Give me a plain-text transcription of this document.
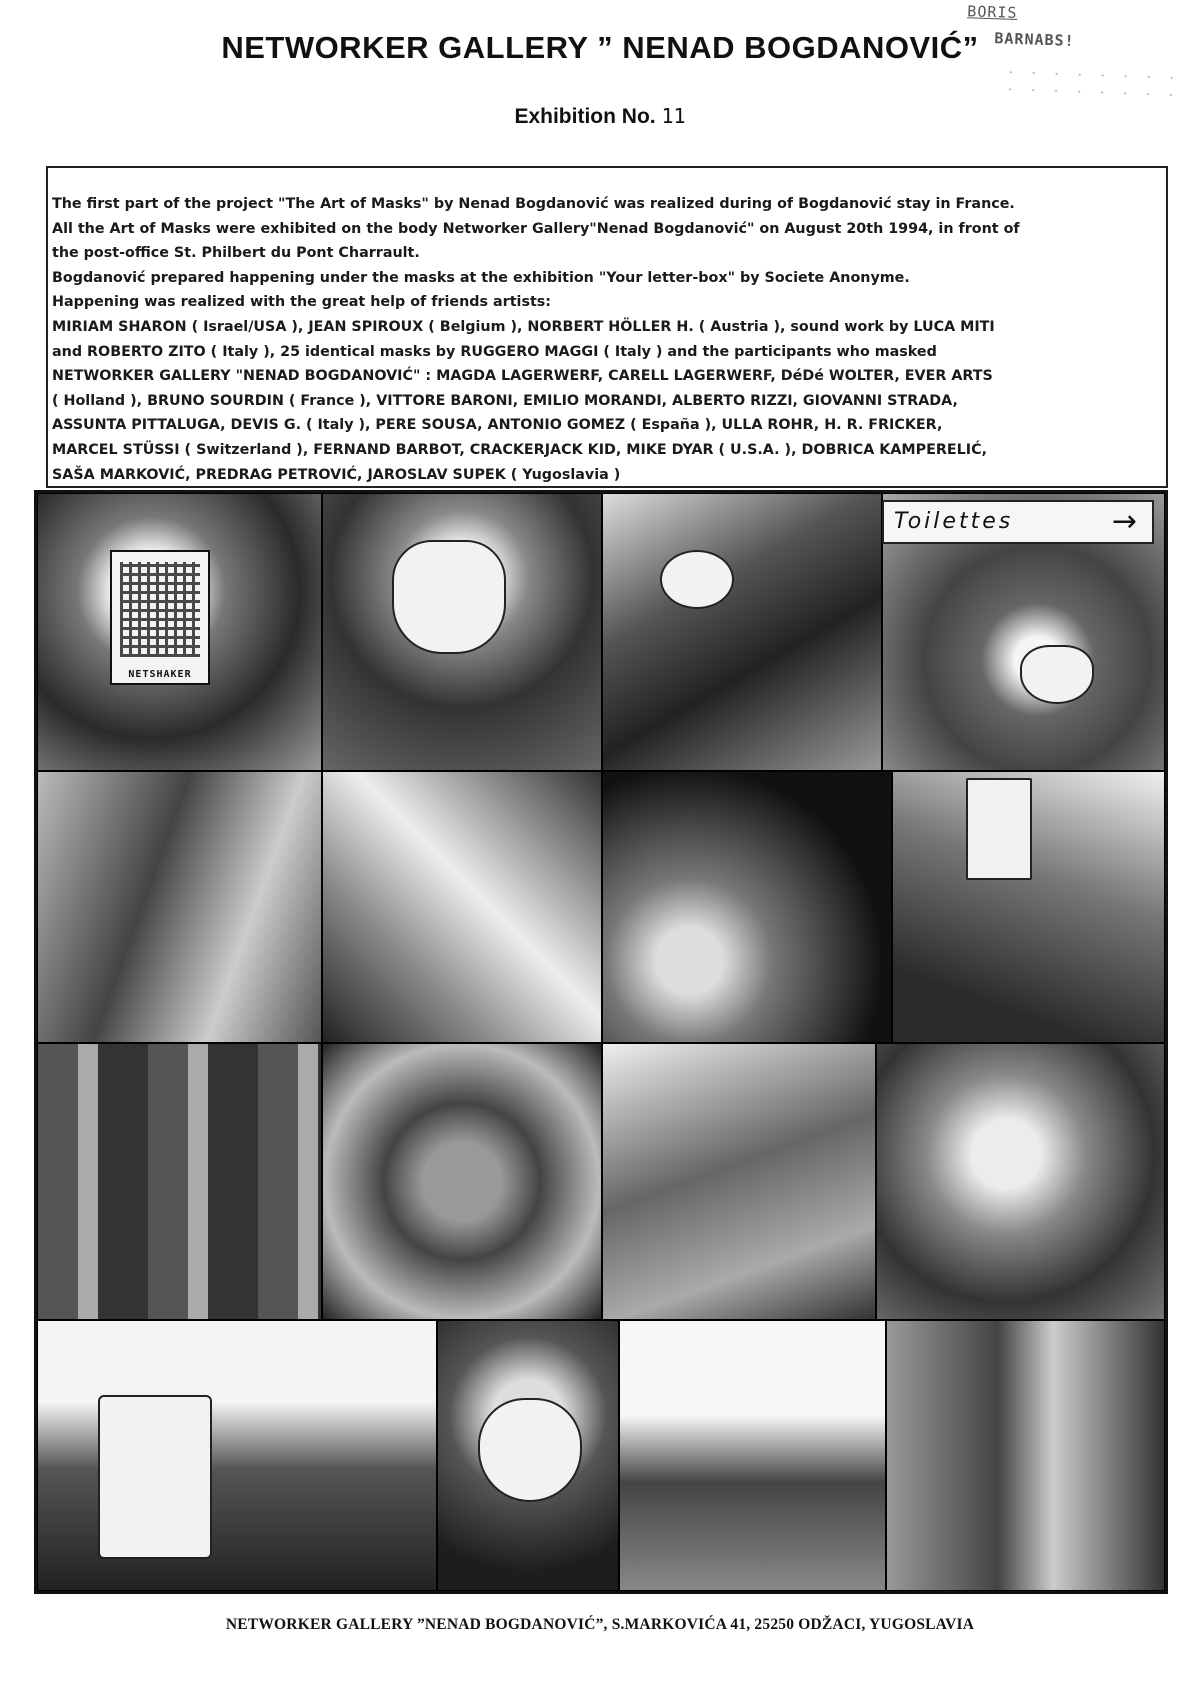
NETWORKER GALLERY ” NENAD BOGDANOVIĆ”
BORIS
BARNABS!
Exhibition No. 11

The first part of the project "The Art of Masks" by Nenad Bogdanović was realized during of Bogdanović stay in France.

All the Art of Masks were exhibited on the body Networker Gallery"Nenad Bogdanović" on August 20th 1994, in front of

the post-office St. Philbert du Pont Charrault.

Bogdanović prepared happening under the masks at the exhibition "Your letter-box" by Societe Anonyme.

Happening was realized with the great help of friends artists:

MIRIAM SHARON ( Israel/USA ), JEAN SPIROUX ( Belgium ), NORBERT HÖLLER H. ( Austria ), sound work by LUCA MITI

and ROBERTO ZITO ( Italy ), 25 identical masks by RUGGERO MAGGI ( Italy ) and the participants who masked

NETWORKER GALLERY "NENAD BOGDANOVIĆ" : MAGDA LAGERWERF, CARELL LAGERWERF, DéDé WOLTER, EVER ARTS

( Holland ), BRUNO SOURDIN ( France ), VITTORE BARONI, EMILIO MORANDI, ALBERTO RIZZI, GIOVANNI STRADA,

ASSUNTA PITTALUGA, DEVIS G. ( Italy ), PERE SOUSA, ANTONIO GOMEZ ( España ), ULLA ROHR, H. R. FRICKER,

MARCEL STÜSSI ( Switzerland ), FERNAND BARBOT, CRACKERJACK KID, MIKE DYAR ( U.S.A. ), DOBRICA KAMPERELIĆ,

SAŠA MARKOVIĆ, PREDRAG PETROVIĆ, JAROSLAV SUPEK ( Yugoslavia )

NETSHAKER
Toilettes	→
NETWORKER GALLERY ”NENAD BOGDANOVIĆ”, S.MARKOVIĆA 41, 25250 ODŽACI, YUGOSLAVIA
